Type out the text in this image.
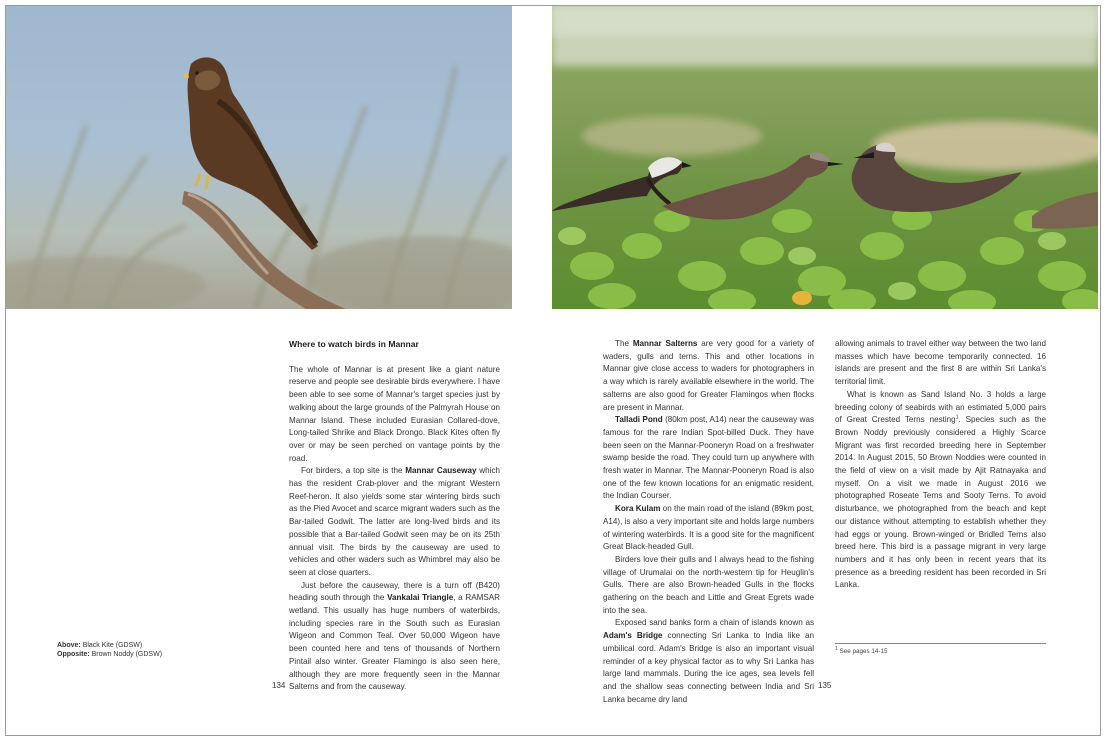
Above: Black Kite (GDSW)
Opposite: Brown Noddy (GDSW)
Where to watch birds in Mannar

The whole of Mannar is at present like a giant nature reserve and people see desirable birds everywhere. I have been able to see some of Mannar's target species just by walking about the large grounds of the Palmyrah House on Mannar Island. These included Eurasian Collared-dove, Long-tailed Shrike and Black Drongo. Black Kites often fly over or may be seen perched on vantage points by the road.

For birders, a top site is the Mannar Causeway which has the resident Crab-plover and the migrant Western Reef-heron. It also yields some star wintering birds such as the Pied Avocet and scarce migrant waders such as the Bar-tailed Godwit. The latter are long-lived birds and its possible that a Bar-tailed Godwit seen may be on its 25th annual visit. The birds by the causeway are used to vehicles and other waders such as Whimbrel may also be seen at close quarters.

Just before the causeway, there is a turn off (B420) heading south through the Vankalai Triangle, a RAMSAR wetland. This usually has huge numbers of waterbirds, including species rare in the South such as Eurasian Wigeon and Common Teal. Over 50,000 Wigeon have been counted here and tens of thousands of Northern Pintail also winter. Greater Flamingo is also seen here, although they are more frequently seen in the Mannar Salterns and from the causeway.

The Mannar Salterns are very good for a variety of waders, gulls and terns. This and other locations in Mannar give close access to waders for photographers in a way which is rarely available elsewhere in the world. The salterns are also good for Greater Flamingos when flocks are present in Mannar.

Talladi Pond (80km post, A14) near the causeway was famous for the rare Indian Spot-billed Duck. They have been seen on the Mannar-Pooneryn Road on a freshwater swamp beside the road. They could turn up anywhere with fresh water in Mannar. The Mannar-Pooneryn Road is also one of the few known locations for an enigmatic resident, the Indian Courser.

Kora Kulam on the main road of the island (89km post, A14), is also a very important site and holds large numbers of wintering waterbirds. It is a good site for the magnificent Great Black-headed Gull.

Birders love their gulls and I always head to the fishing village of Urumalai on the north-western tip for Heuglin's Gulls. There are also Brown-headed Gulls in the flocks gathering on the beach and Little and Great Egrets wade into the sea.

Exposed sand banks form a chain of islands known as Adam's Bridge connecting Sri Lanka to India like an umbilical cord. Adam's Bridge is also an important visual reminder of a key physical factor as to why Sri Lanka has large land mammals. During the ice ages, sea levels fell and the shallow seas connecting between India and Sri Lanka became dry land

allowing animals to travel either way between the two land masses which have become temporarily connected. 16 islands are present and the first 8 are within Sri Lanka's territorial limit.

What is known as Sand Island No. 3 holds a large breeding colony of seabirds with an estimated 5,000 pairs of Great Crested Terns nesting$^1$. Species such as the Brown Noddy previously considered a Highly Scarce Migrant was first recorded breeding here in September 2014. In August 2015, 50 Brown Noddies were counted in the field of view on a visit made by Ajit Ratnayaka and myself. On a visit we made in August 2016 we photographed Roseate Terns and Sooty Terns. To avoid disturbance, we photographed from the beach and kept our distance without attempting to establish whether they had eggs or young. Brown-winged or Bridled Terns also breed here. This bird is a passage migrant in very large numbers and it has only been in recent years that its presence as a breeding resident has been recorded in Sri Lanka.

$^1$ See pages 14-15
134	135
